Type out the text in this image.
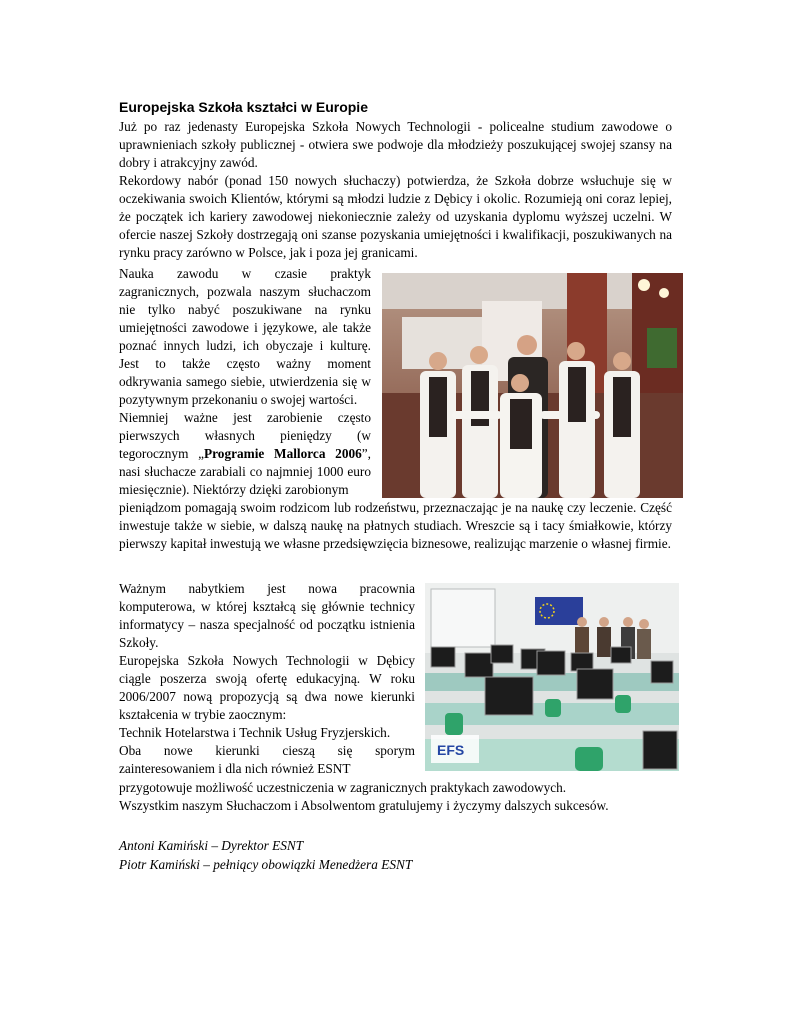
Europejska Szkoła kształci w Europie

Już po raz jedenasty Europejska Szkoła Nowych Technologii - policealne studium zawodowe o uprawnieniach szkoły publicznej - otwiera swe podwoje dla młodzieży poszukującej swojej szansy na dobry i atrakcyjny zawód.

Rekordowy nabór (ponad 150 nowych słuchaczy) potwierdza, że Szkoła dobrze wsłuchuje się w oczekiwania swoich Klientów, którymi są młodzi ludzie z Dębicy i okolic. Rozumieją oni coraz lepiej, że początek ich kariery zawodowej niekoniecznie zależy od uzyskania dyplomu wyższej uczelni. W ofercie naszej Szkoły dostrzegają oni szanse pozyskania umiejętności i kwalifikacji, poszukiwanych na rynku pracy zarówno w Polsce, jak i poza jej granicami.

Nauka zawodu w czasie praktyk zagranicznych, pozwala naszym słuchaczom nie tylko nabyć poszukiwane na rynku umiejętności zawodowe i językowe, ale także poznać innych ludzi, ich obyczaje i kulturę. Jest to także często ważny moment odkrywania samego siebie, utwierdzenia się w pozytywnym przekonaniu o swojej wartości.

Niemniej ważne jest zarobienie często pierwszych własnych pieniędzy (w tegorocznym „Programie Mallorca 2006”, nasi słuchacze zarabiali co najmniej 1000 euro miesięcznie). Niektórzy dzięki zarobionym

pieniądzom pomagają swoim rodzicom lub rodzeństwu, przeznaczając je na naukę czy leczenie. Część inwestuje także w siebie, w dalszą naukę na płatnych studiach. Wreszcie są i tacy śmiałkowie, którzy pierwszy kapitał inwestują we własne przedsięwzięcia biznesowe, realizując marzenie o własnej firmie.

Ważnym nabytkiem jest nowa pracownia komputerowa, w której kształcą się głównie technicy informatycy – nasza specjalność od początku istnienia Szkoły.

Europejska Szkoła Nowych Technologii w Dębicy ciągle poszerza swoją ofertę edukacyjną. W roku 2006/2007 nową propozycją są dwa nowe kierunki kształcenia w trybie zaocznym:

Technik Hotelarstwa i Technik Usług Fryzjerskich.

Oba nowe kierunki cieszą się sporym zainteresowaniem i dla nich również ESNT

przygotowuje możliwość uczestniczenia w zagranicznych praktykach zawodowych.

Wszystkim naszym Słuchaczom i Absolwentom gratulujemy i życzymy dalszych sukcesów.

Antoni Kamiński – Dyrektor ESNT
Piotr Kamiński – pełniący obowiązki Menedżera ESNT
EFS
